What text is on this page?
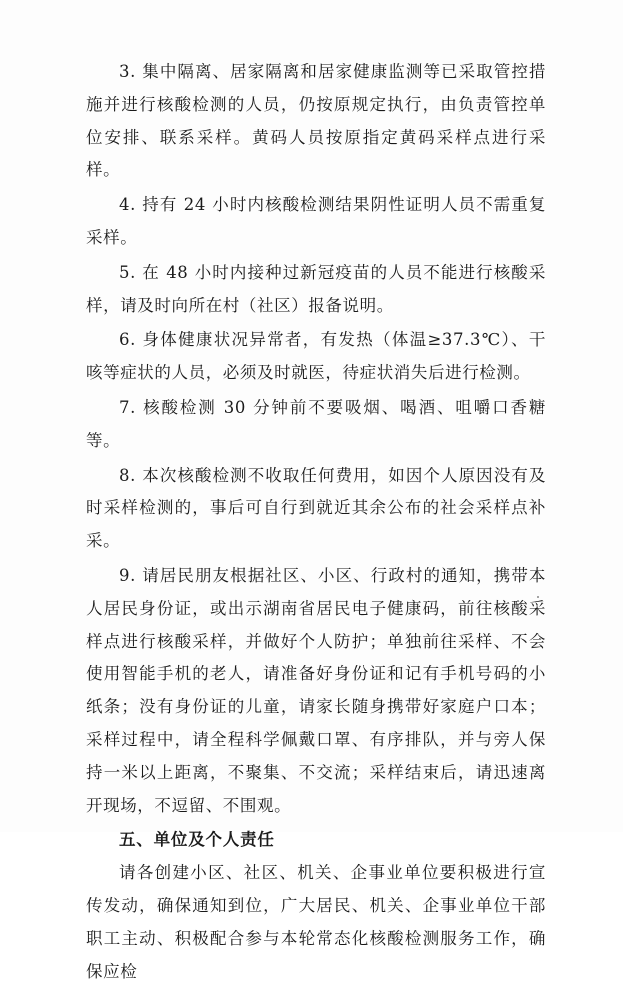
3. 集中隔离、居家隔离和居家健康监测等已采取管控措施并进行核酸检测的人员，仍按原规定执行，由负责管控单位安排、联系采样。黄码人员按原指定黄码采样点进行采样。

4. 持有 24 小时内核酸检测结果阴性证明人员不需重复采样。

5. 在 48 小时内接种过新冠疫苗的人员不能进行核酸采样，请及时向所在村（社区）报备说明。

6. 身体健康状况异常者，有发热（体温≥37.3℃）、干咳等症状的人员，必须及时就医，待症状消失后进行检测。

7. 核酸检测 30 分钟前不要吸烟、喝酒、咀嚼口香糖等。

8. 本次核酸检测不收取任何费用，如因个人原因没有及时采样检测的，事后可自行到就近其余公布的社会采样点补采。

9. 请居民朋友根据社区、小区、行政村的通知，携带本人居民身份证，或出示湖南省居民电子健康码，前往核酸采样点进行核酸采样，并做好个人防护；单独前往采样、不会使用智能手机的老人，请准备好身份证和记有手机号码的小纸条；没有身份证的儿童，请家长随身携带好家庭户口本；采样过程中，请全程科学佩戴口罩、有序排队，并与旁人保持一米以上距离，不聚集、不交流；采样结束后，请迅速离开现场，不逗留、不围观。

五、单位及个人责任

请各创建小区、社区、机关、企事业单位要积极进行宣传发动，确保通知到位，广大居民、机关、企事业单位干部职工主动、积极配合参与本轮常态化核酸检测服务工作，确保应检
